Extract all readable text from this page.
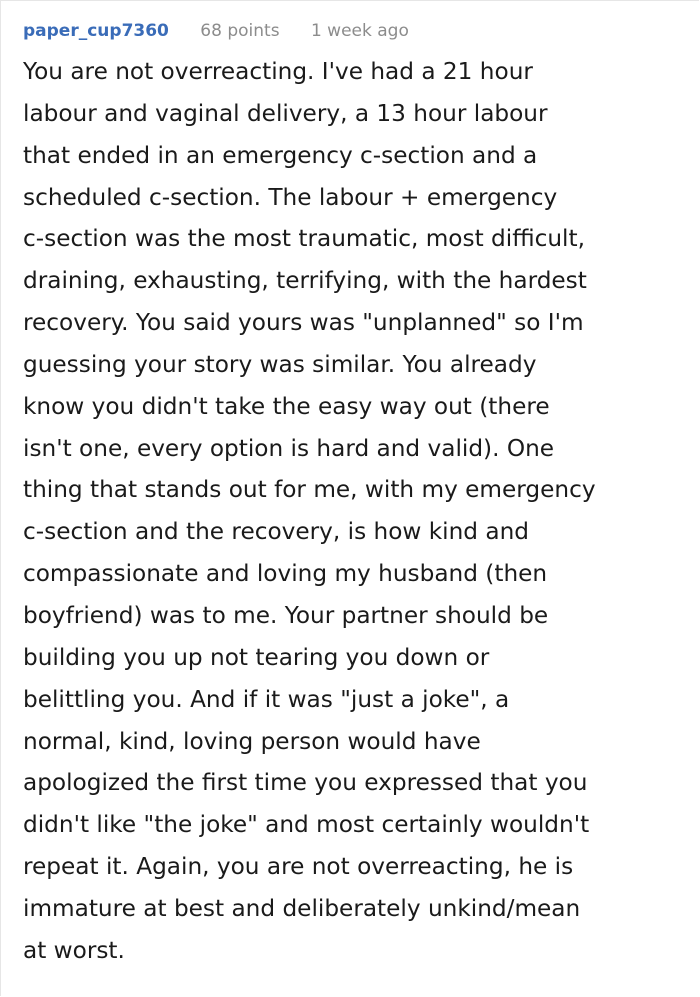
paper_cup7360 68 points 1 week ago
You are not overreacting. I've had a 21 hour
labour and vaginal delivery, a 13 hour labour
that ended in an emergency c-section and a
scheduled c-section. The labour + emergency
c-section was the most traumatic, most difficult,
draining, exhausting, terrifying, with the hardest
recovery. You said yours was "unplanned" so I'm
guessing your story was similar. You already
know you didn't take the easy way out (there
isn't one, every option is hard and valid). One
thing that stands out for me, with my emergency
c-section and the recovery, is how kind and
compassionate and loving my husband (then
boyfriend) was to me. Your partner should be
building you up not tearing you down or
belittling you. And if it was "just a joke", a
normal, kind, loving person would have
apologized the first time you expressed that you
didn't like "the joke" and most certainly wouldn't
repeat it. Again, you are not overreacting, he is
immature at best and deliberately unkind/mean
at worst.
